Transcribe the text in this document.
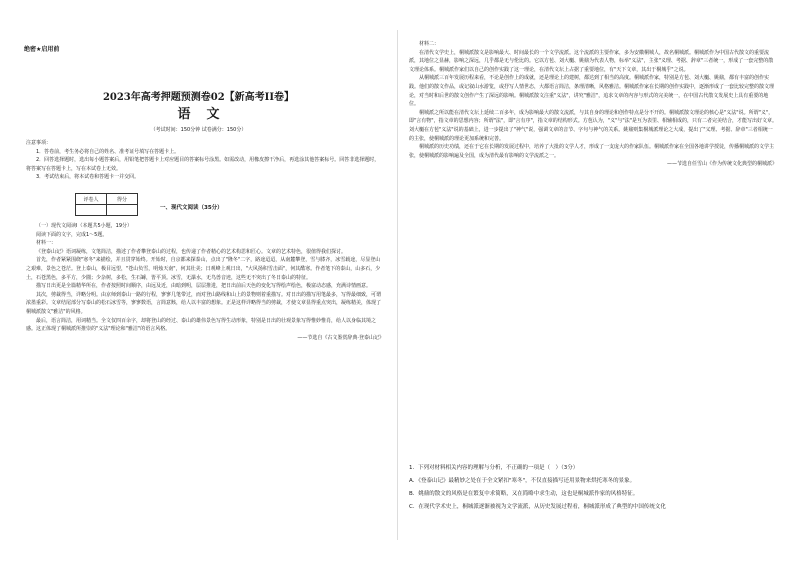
绝密★启用前
2023年高考押题预测卷02【新高考II卷】
语文
（考试时间：150分钟 试卷满分：150分）

注意事项：

1．答卷前，考生务必将自己的姓名、准考证号填写在答题卡上。

2．回答选择题时，选出每小题答案后，用铅笔把答题卡上对应题目的答案标号涂黑。如需改动，用橡皮擦干净后，再选涂其他答案标号。回答非选择题时，将答案写在答题卡上，写在本试卷上无效。

3．考试结束后，将本试卷和答题卡一并交回。

评卷人	得分

一、现代文阅读（35分）

（一）现代文阅读Ⅰ（本题共5小题，19分）

阅读下面的文字，完成1～5题。

材料一：

《登泰山记》语词凝练，文笔简洁，描述了作者攀登泰山的过程，也传递了作者精心的艺术构思和匠心。文章的艺术特色，很值得我们探讨。

首先，作者紧紧围绕"寒冬"来描绘，并且贯穿始终。开始时，自京都来探泰山，点出了"隆冬"二字，路途迢迢，从南麓攀登，雪与膝齐，冰雪载途，尽显登山之艰难，景色之苍茫。登上泰山，极目远望，"苍山负雪，明烛天南"，何其壮美；日观峰上观日出，"大风扬积雪击面"，何其酷寒。作者笔下的泰山，山多石，少土，石苍黑色，多平方，少圜；少杂树，多松，生石罅，皆平顶。冰雪，无瀑水，无鸟兽音迹，这些无不突出了冬日泰山的特征。

描写日出更是全篇精华所在，作者按照时间顺序，由远及近，由暗到明，层层推进，把日出前后天色的变化写得绘声绘色，极富动态感，充满诗情画意。

其次，剪裁得当，详略分明。由京师到泰山一路的行程，寥寥几笔带过，而对登山路线和山上的景物则着重描写。对日出的描写用笔最多，写得最细致，可谓浓墨重彩。文章结尾部分写泰山的松石冰雪等，寥寥数语，言简意赅，给人以丰富的想象。正是这样详略得当的剪裁，才使文章显得重点突出，凝练精美，体现了桐城派散文"雅洁"的风格。

最后，语言简洁，用词精当。全文仅四百余字，却将登山的经过、泰山的雄伟景色写得生动形象，特别是日出的壮观景象写得惟妙惟肖，给人以身临其境之感。这正体现了桐城派所推崇的"义法"理论和"雅洁"的语言风格。

——节选自《古文鉴赏辞典·登泰山记》

材料二：

在清代文学史上，桐城派散文是影响最大、时间最长的一个文学流派。这个流派的主要作家，多为安徽桐城人，故名桐城派。桐城派作为中国古代散文的重要流派，其地位之显赫，影响之深远，几乎都是无与伦比的。它以方苞、刘大櫆、姚鼐为代表人物，标举"义法"，主张"义理、考据、辞章"三者统一，形成了一套完整的散文理论体系。桐城派作家们以自己的创作实践了这一理论，在清代文坛上占据了重要地位，有"天下文章，其出于桐城乎"之说。

从桐城派三百年发展历程来看，不论是创作上的成就，还是理论上的建树，都达到了相当的高度。桐城派作家，特别是方苞、刘大櫆、姚鼐，都有丰富的创作实践。他们的散文作品，或记叙山水游览，或抒写人情世态，大都语言简洁，条理清晰，风格雅洁。桐城派作家在长期的创作实践中，逐渐形成了一套比较完整的散文理论，对当时和后世的散文创作产生了深远的影响。桐城派散文注重"义法"，讲究"雅洁"，追求文章的内容与形式的完美统一，在中国古代散文发展史上具有重要的地位。

桐城派之所以能在清代文坛上延续二百多年，成为影响最大的散文流派，与其自身的理论和创作特点是分不开的。桐城派散文理论的核心是"义法"说。所谓"义"，即"言有物"，指文章的思想内容；所谓"法"，即"言有序"，指文章的结构形式。方苞认为，"义"与"法"是互为表里、相辅相成的，只有二者完美结合，才能写出好文章。刘大櫆在方苞"义法"说的基础上，进一步提出了"神气"说，强调文章的音节、字句与神气的关系。姚鼐则集桐城派理论之大成，提出了"义理、考据、辞章"三者相统一的主张，使桐城派的理论更加系统和完善。

桐城派的历史功绩，还在于它在长期的发展过程中，培养了大批的文学人才，形成了一支庞大的作家队伍。桐城派作家在全国各地讲学授徒，传播桐城派的文学主张，使桐城派的影响遍及全国，成为清代最有影响的文学流派之一。

——节选自任雪山《作为传统文化典型的桐城派》

1．下列对材料相关内容的理解与分析，不正确的一项是（　）（3分）

A．《登泰山记》最精妙之处在于全文紧扣"寒冬"，不仅直接描写还用景物来烘托寒冬的景象。

B．姚鼐的散文的风格是在繁复中求简略，又在简略中求生动，这也是桐城派作家的风格特征。

C．在现代学术史上，桐城派逐渐被视为文学流派，从历史发展过程看，桐城派形成了典型的中国传统文化
